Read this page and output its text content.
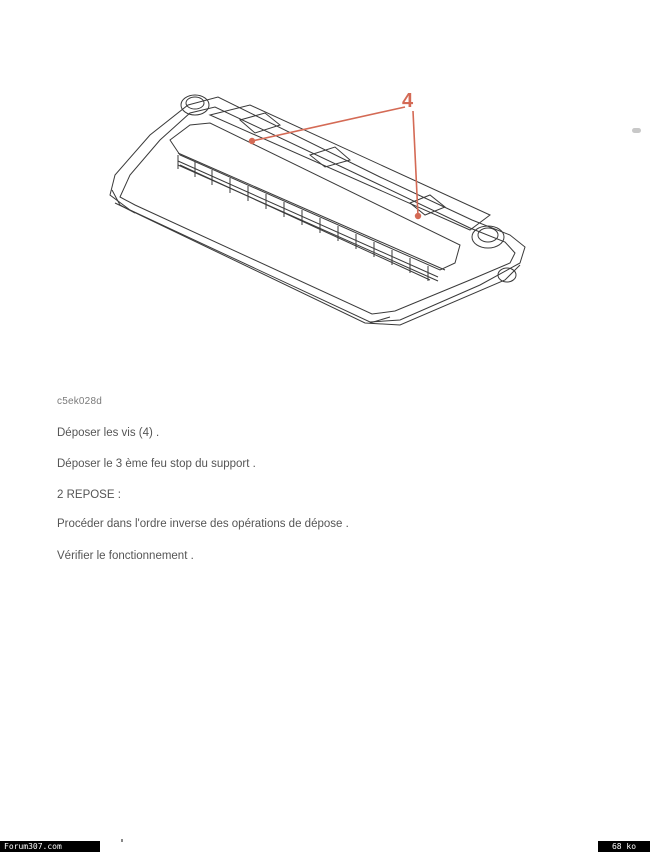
4
c5ek028d
Déposer les vis (4) .
Déposer le 3 ème feu stop du support .
2 REPOSE :
Procéder dans l'ordre inverse des opérations de dépose .
Vérifier le fonctionnement .
Forum307.com	68 ko
